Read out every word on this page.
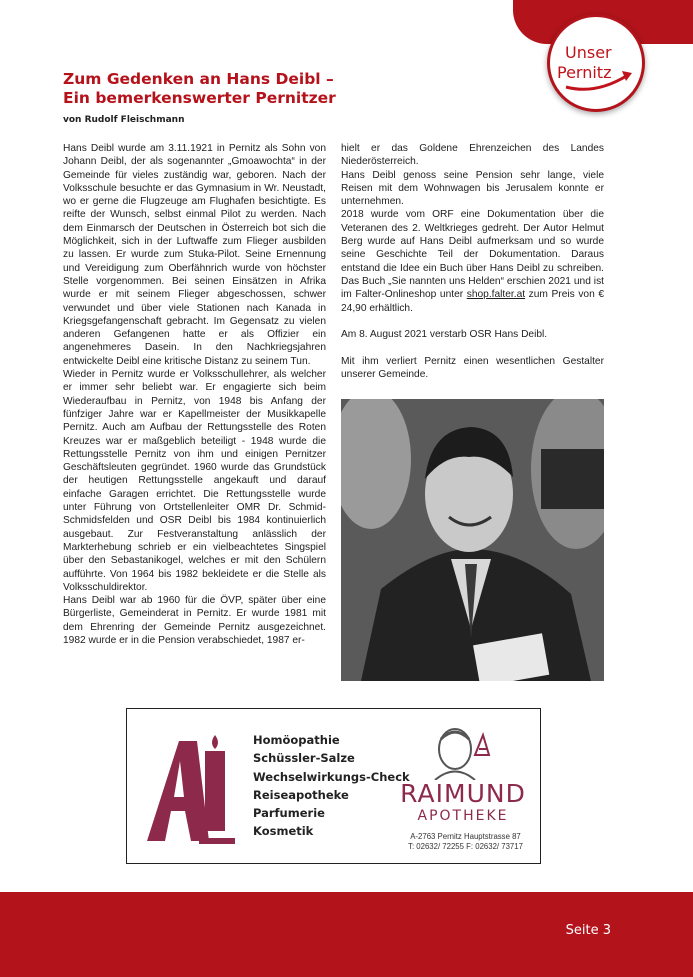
Unser
Pernitz
Zum Gedenken an Hans Deibl –
Ein bemerkenswerter Pernitzer
von Rudolf Fleischmann

Hans Deibl wurde am 3.11.1921 in Pernitz als Sohn von Johann Deibl, der als sogenannter „Gmoawochta“ in der Gemeinde für vieles zuständig war, geboren. Nach der Volksschule besuchte er das Gymnasium in Wr. Neustadt, wo er gerne die Flugzeuge am Flughafen besichtigte. Es reifte der Wunsch, selbst einmal Pilot zu werden. Nach dem Einmarsch der Deutschen in Österreich bot sich die Möglichkeit, sich in der Luftwaffe zum Flieger ausbilden zu lassen. Er wurde zum Stuka-Pilot. Seine Ernennung und Vereidigung zum Oberfähnrich wurde von höchster Stelle vorgenommen. Bei seinen Einsätzen in Afrika wurde er mit seinem Flieger abgeschossen, schwer verwundet und über viele Stationen nach Kanada in Kriegsgefangenschaft gebracht. Im Gegensatz zu vielen anderen Gefangenen hatte er als Offizier ein angenehmeres Dasein. In den Nachkriegsjahren entwickelte Deibl eine kritische Distanz zu seinem Tun.

Wieder in Pernitz wurde er Volksschullehrer, als welcher er immer sehr beliebt war. Er engagierte sich beim Wiederaufbau in Pernitz, von 1948 bis Anfang der fünfziger Jahre war er Kapellmeister der Musikkapelle Pernitz. Auch am Aufbau der Rettungsstelle des Roten Kreuzes war er maßgeblich beteiligt - 1948 wurde die Rettungsstelle Pernitz von ihm und einigen Pernitzer Geschäftsleuten gegründet. 1960 wurde das Grundstück der heutigen Rettungsstelle angekauft und darauf einfache Garagen errichtet. Die Rettungsstelle wurde unter Führung von Ortstellenleiter OMR Dr. Schmid-Schmidsfelden und OSR Deibl bis 1984 kontinuierlich ausgebaut. Zur Festveranstaltung anlässlich der Markterhebung schrieb er ein vielbeachtetes Singspiel über den Sebastanikogel, welches er mit den Schülern aufführte. Von 1964 bis 1982 bekleidete er die Stelle als Volksschuldirektor.

Hans Deibl war ab 1960 für die ÖVP, später über eine Bürgerliste, Gemeinderat in Pernitz. Er wurde 1981 mit dem Ehrenring der Gemeinde Pernitz ausgezeichnet. 1982 wurde er in die Pension verabschiedet, 1987 er-

hielt er das Goldene Ehrenzeichen des Landes Niederösterreich.

Hans Deibl genoss seine Pension sehr lange, viele Reisen mit dem Wohnwagen bis Jerusalem konnte er unternehmen.

2018 wurde vom ORF eine Dokumentation über die Veteranen des 2. Weltkrieges gedreht. Der Autor Helmut Berg wurde auf Hans Deibl aufmerksam und so wurde seine Geschichte Teil der Dokumentation. Daraus entstand die Idee ein Buch über Hans Deibl zu schreiben. Das Buch „Sie nannten uns Helden“ erschien 2021 und ist im Falter-Onlineshop unter shop.falter.at zum Preis von € 24,90 erhältlich.

Am 8. August 2021 verstarb OSR Hans Deibl.

Mit ihm verliert Pernitz einen wesentlichen Gestalter unserer Gemeinde.

Homöopathie
Schüssler-Salze
Wechselwirkungs-Check
Reiseapotheke
Parfumerie
Kosmetik
RAIMUND
APOTHEKE
A-2763 Pernitz Hauptstrasse 87
T: 02632/ 72255 F: 02632/ 73717
Seite 3
